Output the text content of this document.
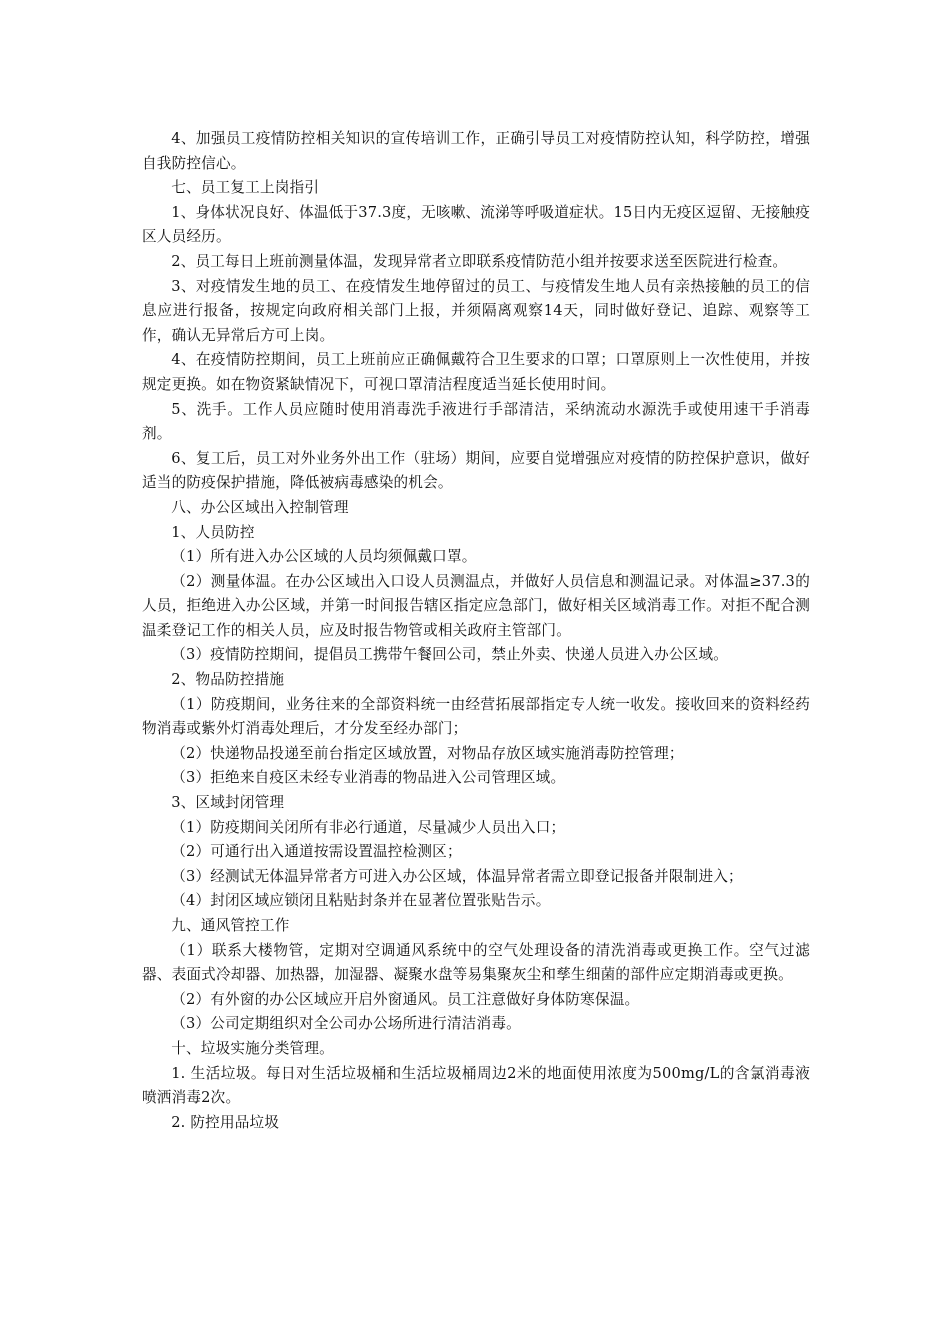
4、加强员工疫情防控相关知识的宣传培训工作，正确引导员工对疫情防控认知，科学防控，增强自我防控信心。

七、员工复工上岗指引

1、身体状况良好、体温低于37.3度，无咳嗽、流涕等呼吸道症状。15日内无疫区逗留、无接触疫区人员经历。

2、员工每日上班前测量体温，发现异常者立即联系疫情防范小组并按要求送至医院进行检查。

3、对疫情发生地的员工、在疫情发生地停留过的员工、与疫情发生地人员有亲热接触的员工的信息应进行报备，按规定向政府相关部门上报，并须隔离观察14天，同时做好登记、追踪、观察等工作，确认无异常后方可上岗。

4、在疫情防控期间，员工上班前应正确佩戴符合卫生要求的口罩；口罩原则上一次性使用，并按规定更换。如在物资紧缺情况下，可视口罩清洁程度适当延长使用时间。

5、洗手。工作人员应随时使用消毒洗手液进行手部清洁，采纳流动水源洗手或使用速干手消毒剂。

6、复工后，员工对外业务外出工作（驻场）期间，应要自觉增强应对疫情的防控保护意识，做好适当的防疫保护措施，降低被病毒感染的机会。

八、办公区域出入控制管理

1、人员防控

（1）所有进入办公区域的人员均须佩戴口罩。

（2）测量体温。在办公区域出入口设人员测温点，并做好人员信息和测温记录。对体温≥37.3的人员，拒绝进入办公区域，并第一时间报告辖区指定应急部门，做好相关区域消毒工作。对拒不配合测温柔登记工作的相关人员，应及时报告物管或相关政府主管部门。

（3）疫情防控期间，提倡员工携带午餐回公司，禁止外卖、快递人员进入办公区域。

2、物品防控措施

（1）防疫期间，业务往来的全部资料统一由经营拓展部指定专人统一收发。接收回来的资料经药物消毒或紫外灯消毒处理后，才分发至经办部门；

（2）快递物品投递至前台指定区域放置，对物品存放区域实施消毒防控管理；

（3）拒绝来自疫区未经专业消毒的物品进入公司管理区域。

3、区域封闭管理

（1）防疫期间关闭所有非必行通道，尽量减少人员出入口；

（2）可通行出入通道按需设置温控检测区；

（3）经测试无体温异常者方可进入办公区域，体温异常者需立即登记报备并限制进入；

（4）封闭区域应锁闭且粘贴封条并在显著位置张贴告示。

九、通风管控工作

（1）联系大楼物管，定期对空调通风系统中的空气处理设备的清洗消毒或更换工作。空气过滤器、表面式冷却器、加热器，加湿器、凝聚水盘等易集聚灰尘和孳生细菌的部件应定期消毒或更换。

（2）有外窗的办公区域应开启外窗通风。员工注意做好身体防寒保温。

（3）公司定期组织对全公司办公场所进行清洁消毒。

十、垃圾实施分类管理。

1. 生活垃圾。每日对生活垃圾桶和生活垃圾桶周边2米的地面使用浓度为500mg/L的含氯消毒液喷洒消毒2次。

2. 防控用品垃圾
